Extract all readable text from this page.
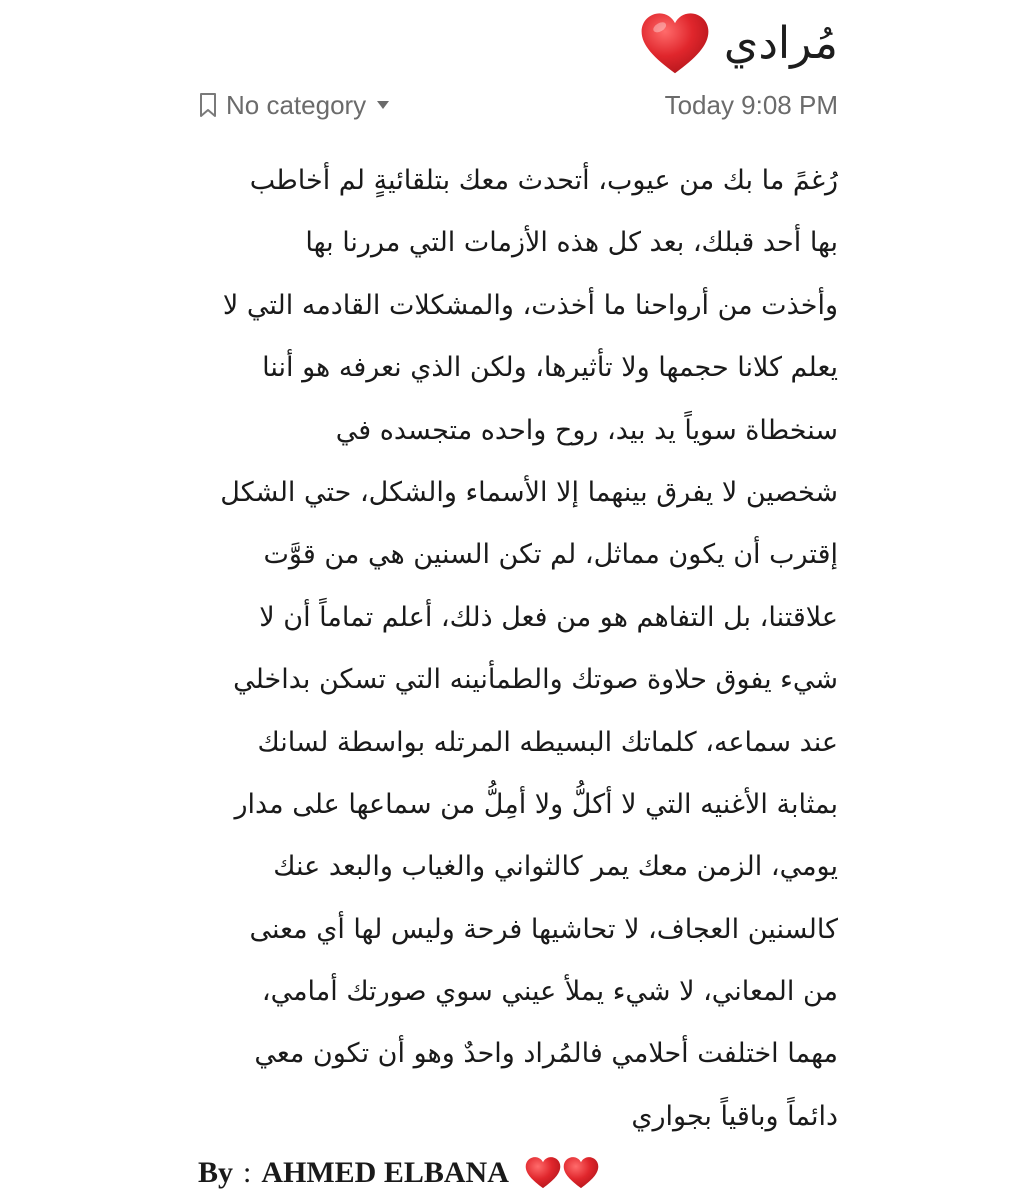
مُرادي
No category	Today 9:08 PM
رُغمً ما بك من عيوب، أتحدث معك بتلقائيةٍ لم أخاطب
بها أحد قبلك، بعد كل هذه الأزمات التي مررنا بها
وأخذت من أرواحنا ما أخذت، والمشكلات القادمه التي لا
يعلم كلانا حجمها ولا تأثيرها، ولكن الذي نعرفه هو أننا
سنخطاة سوياً يد بيد، روح واحده متجسده في
شخصين لا يفرق بينهما إلا الأسماء والشكل، حتي الشكل
إقترب أن يكون مماثل، لم تكن السنين هي من قوَّت
علاقتنا، بل التفاهم هو من فعل ذلك، أعلم تماماً أن لا
شيء يفوق حلاوة صوتك والطمأنينه التي تسكن بداخلي
عند سماعه، كلماتك البسيطه المرتله بواسطة لسانك
بمثابة الأغنيه التي لا أكلُّ ولا أمِلُّ من سماعها على مدار
يومي، الزمن معك يمر كالثواني والغياب والبعد عنك
كالسنين العجاف، لا تحاشيها فرحة وليس لها أي معنى
من المعاني، لا شيء يملأ عيني سوي صورتك أمامي،
مهما اختلفت أحلامي فالمُراد واحدٌ وهو أن تكون معي
دائماً وباقياً بجواري
By : AHMED ELBANA
